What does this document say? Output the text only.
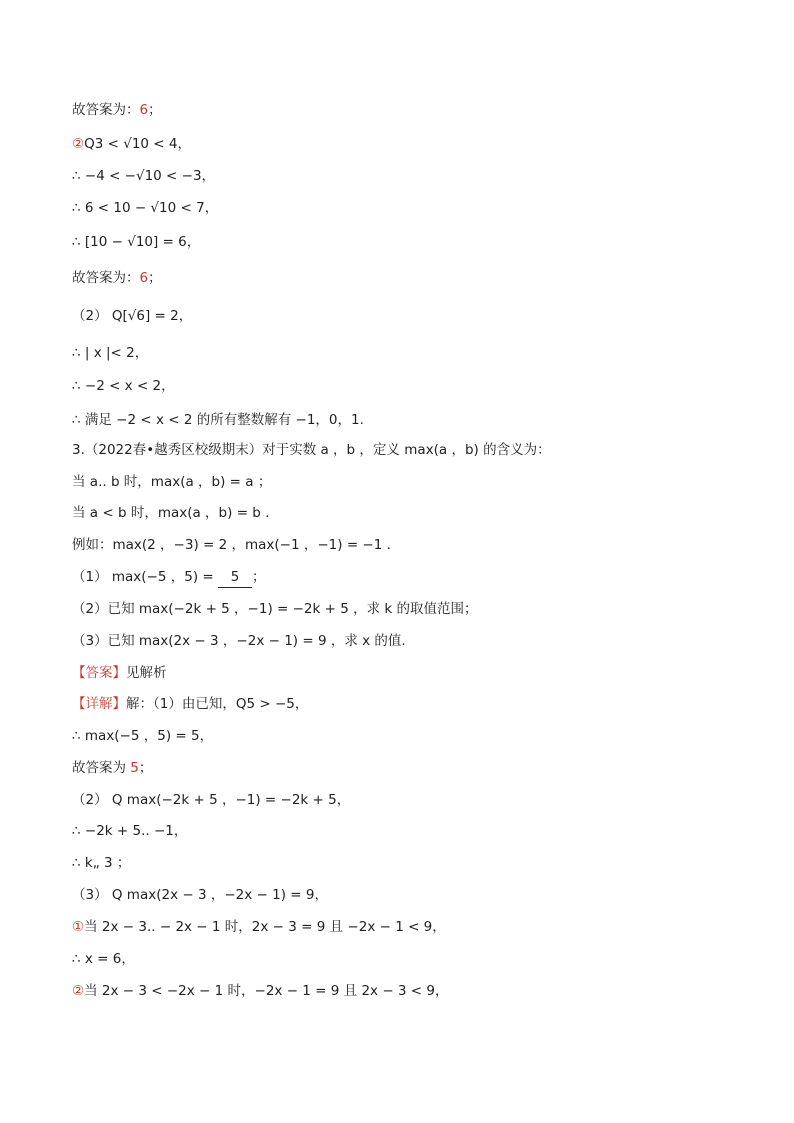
故答案为：6；
②Q3 < √10 < 4，
∴ −4 < −√10 < −3，
∴ 6 < 10 − √10 < 7，
∴ [10 − √10] = 6，
故答案为：6；
（2） Q[√6] = 2，
∴ | x |< 2，
∴ −2 < x < 2，
∴ 满足 −2 < x < 2 的所有整数解有 −1，0，1.
3.（2022春•越秀区校级期末）对于实数 a ，b ，定义 max(a ，b) 的含义为：
当 a.. b 时，max(a ，b) = a ；
当 a < b 时，max(a ，b) = b .
例如：max(2 ，−3) = 2 ，max(−1 ，−1) = −1 .
（1） max(−5 ，5) = 5 ；
（2）已知 max(−2k + 5 ，−1) = −2k + 5 ，求 k 的取值范围；
（3）已知 max(2x − 3 ，−2x − 1) = 9 ，求 x 的值.
【答案】见解析
【详解】解：（1）由已知，Q5 > −5，
∴ max(−5 ，5) = 5，
故答案为 5；
（2） Q max(−2k + 5 ，−1) = −2k + 5，
∴ −2k + 5.. −1，
∴ k„ 3 ；
（3） Q max(2x − 3 ，−2x − 1) = 9，
①当 2x − 3.. − 2x − 1 时，2x − 3 = 9 且 −2x − 1 < 9，
∴ x = 6，
②当 2x − 3 < −2x − 1 时，−2x − 1 = 9 且 2x − 3 < 9，
